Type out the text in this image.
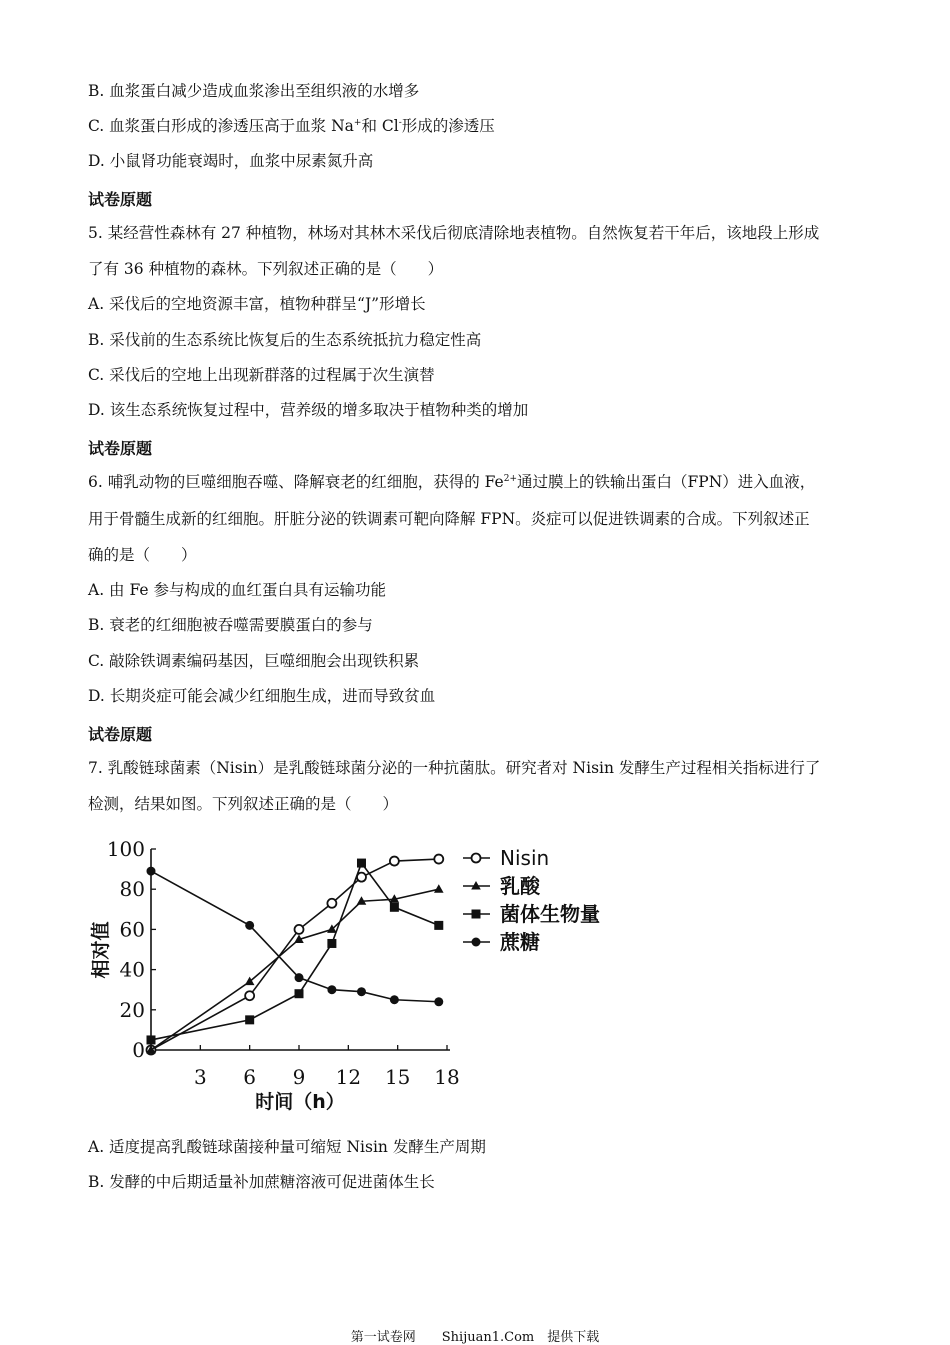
B. 血浆蛋白减少造成血浆渗出至组织液的水增多
C. 血浆蛋白形成的渗透压高于血浆 Na+和 Cl-形成的渗透压
D. 小鼠肾功能衰竭时，血浆中尿素氮升高
试卷原题
5. 某经营性森林有 27 种植物，林场对其林木采伐后彻底清除地表植物。自然恢复若干年后，该地段上形成
了有 36 种植物的森林。下列叙述正确的是（　　）
A. 采伐后的空地资源丰富，植物种群呈“J”形增长
B. 采伐前的生态系统比恢复后的生态系统抵抗力稳定性高
C. 采伐后的空地上出现新群落的过程属于次生演替
D. 该生态系统恢复过程中，营养级的增多取决于植物种类的增加
试卷原题
6. 哺乳动物的巨噬细胞吞噬、降解衰老的红细胞，获得的 $Fe^{2+}$通过膜上的铁输出蛋白（FPN）进入血液，
用于骨髓生成新的红细胞。肝脏分泌的铁调素可靶向降解 FPN。炎症可以促进铁调素的合成。下列叙述正
确的是（　　）
A. 由 Fe 参与构成的血红蛋白具有运输功能
B. 衰老的红细胞被吞噬需要膜蛋白的参与
C. 敲除铁调素编码基因，巨噬细胞会出现铁积累
D. 长期炎症可能会减少红细胞生成，进而导致贫血
试卷原题
7. 乳酸链球菌素（Nisin）是乳酸链球菌分泌的一种抗菌肽。研究者对 Nisin 发酵生产过程相关指标进行了
检测，结果如图。下列叙述正确的是（　　）
0
20
40
60
80
100
3 6 9 12 15 18
时间（h）
相对值
Nisin
乳酸
菌体生物量
蔗糖
A. 适度提高乳酸链球菌接种量可缩短 Nisin 发酵生产周期
B. 发酵的中后期适量补加蔗糖溶液可促进菌体生长
第一试卷网　　Shijuan1.Com　提供下载
